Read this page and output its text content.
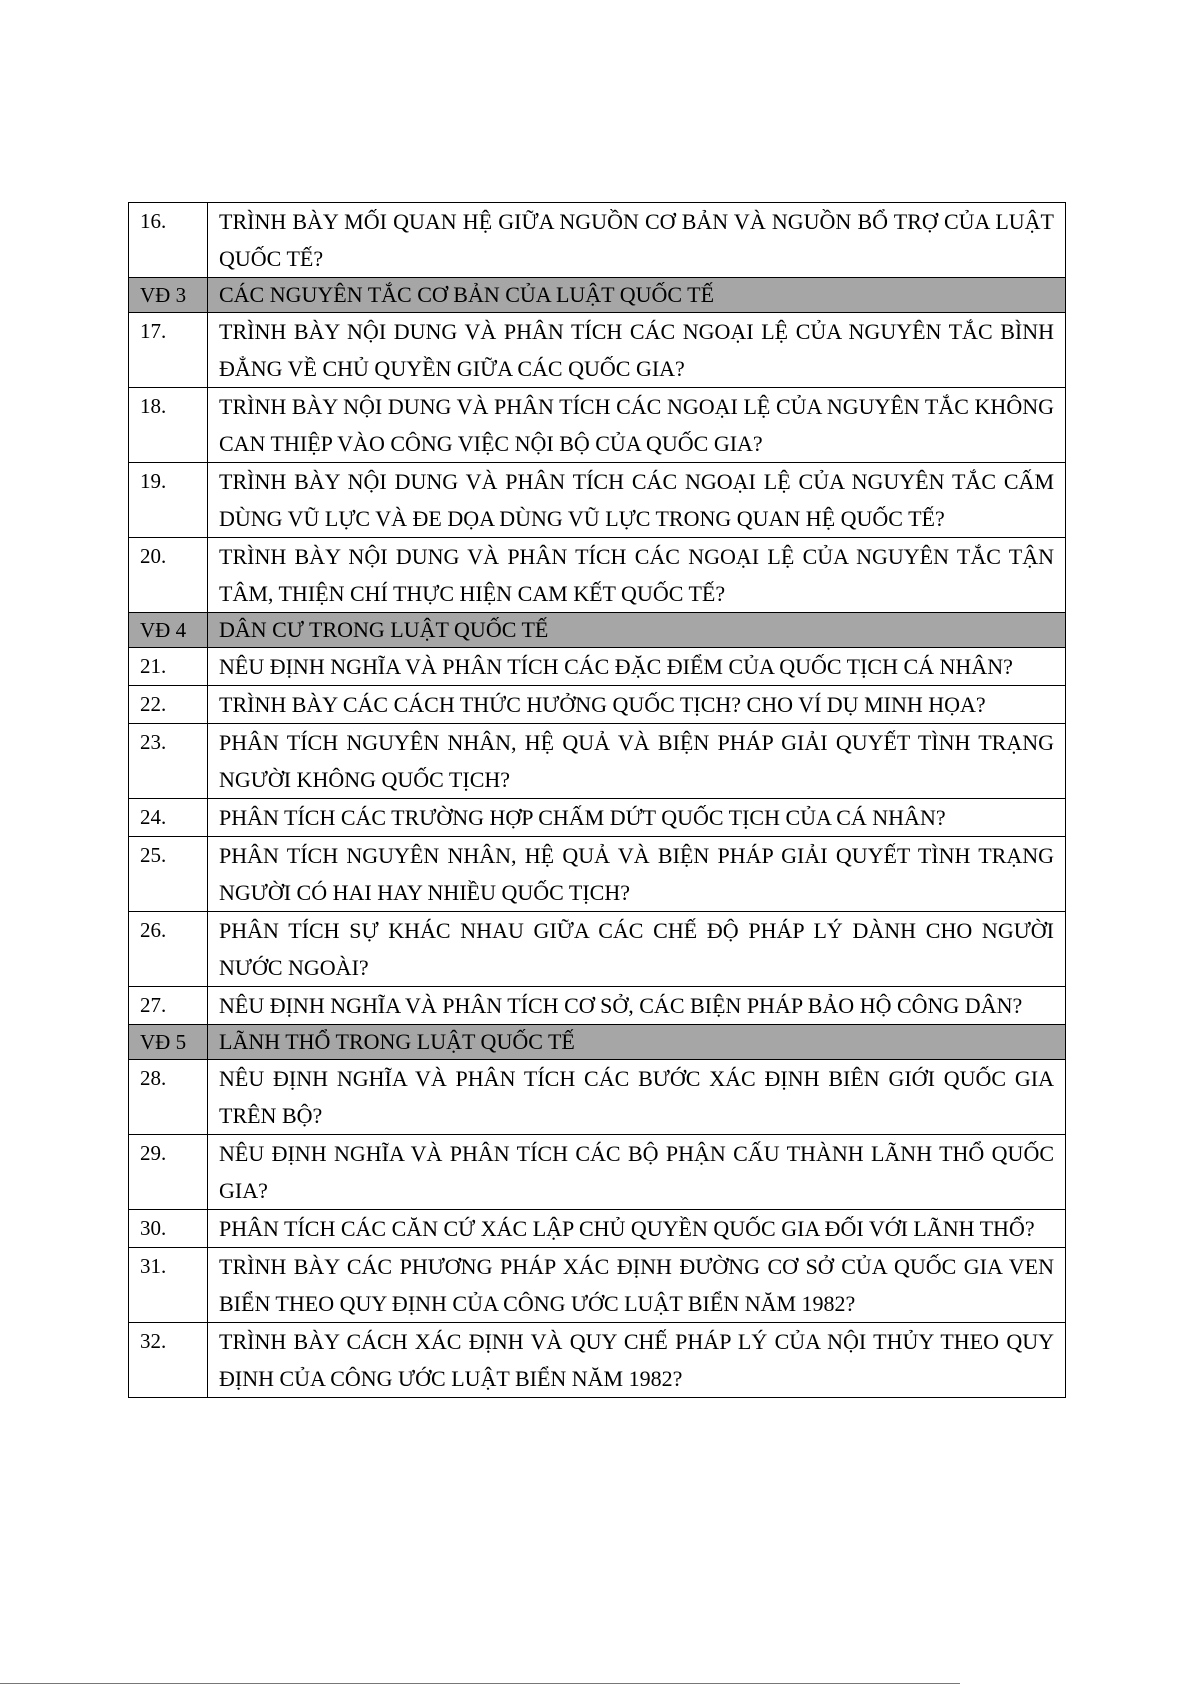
16.	TRÌNH BÀY MỐI QUAN HỆ GIỮA NGUỒN CƠ BẢN VÀ NGUỒN BỔ TRỢ CỦA LUẬT QUỐC TẾ?
VĐ 3	CÁC NGUYÊN TẮC CƠ BẢN CỦA LUẬT QUỐC TẾ
17.	TRÌNH BÀY NỘI DUNG VÀ PHÂN TÍCH CÁC NGOẠI LỆ CỦA NGUYÊN TẮC BÌNH ĐẲNG VỀ CHỦ QUYỀN GIỮA CÁC QUỐC GIA?
18.	TRÌNH BÀY NỘI DUNG VÀ PHÂN TÍCH CÁC NGOẠI LỆ CỦA NGUYÊN TẮC KHÔNG CAN THIỆP VÀO CÔNG VIỆC NỘI BỘ CỦA QUỐC GIA?
19.	TRÌNH BÀY NỘI DUNG VÀ PHÂN TÍCH CÁC NGOẠI LỆ CỦA NGUYÊN TẮC CẤM DÙNG VŨ LỰC VÀ ĐE DỌA DÙNG VŨ LỰC TRONG QUAN HỆ QUỐC TẾ?
20.	TRÌNH BÀY NỘI DUNG VÀ PHÂN TÍCH CÁC NGOẠI LỆ CỦA NGUYÊN TẮC TẬN TÂM, THIỆN CHÍ THỰC HIỆN CAM KẾT QUỐC TẾ?
VĐ 4	DÂN CƯ TRONG LUẬT QUỐC TẾ
21.	NÊU ĐỊNH NGHĨA VÀ PHÂN TÍCH CÁC ĐẶC ĐIỂM CỦA QUỐC TỊCH CÁ NHÂN?
22.	TRÌNH BÀY CÁC CÁCH THỨC HƯỞNG QUỐC TỊCH? CHO VÍ DỤ MINH HỌA?
23.	PHÂN TÍCH NGUYÊN NHÂN, HỆ QUẢ VÀ BIỆN PHÁP GIẢI QUYẾT TÌNH TRẠNG NGƯỜI KHÔNG QUỐC TỊCH?
24.	PHÂN TÍCH CÁC TRƯỜNG HỢP CHẤM DỨT QUỐC TỊCH CỦA CÁ NHÂN?
25.	PHÂN TÍCH NGUYÊN NHÂN, HỆ QUẢ VÀ BIỆN PHÁP GIẢI QUYẾT TÌNH TRẠNG NGƯỜI CÓ HAI HAY NHIỀU QUỐC TỊCH?
26.	PHÂN TÍCH SỰ KHÁC NHAU GIỮA CÁC CHẾ ĐỘ PHÁP LÝ DÀNH CHO NGƯỜI NƯỚC NGOÀI?
27.	NÊU ĐỊNH NGHĨA VÀ PHÂN TÍCH CƠ SỞ, CÁC BIỆN PHÁP BẢO HỘ CÔNG DÂN?
VĐ 5	LÃNH THỔ TRONG LUẬT QUỐC TẾ
28.	NÊU ĐỊNH NGHĨA VÀ PHÂN TÍCH CÁC BƯỚC XÁC ĐỊNH BIÊN GIỚI QUỐC GIA TRÊN BỘ?
29.	NÊU ĐỊNH NGHĨA VÀ PHÂN TÍCH CÁC BỘ PHẬN CẤU THÀNH LÃNH THỔ QUỐC GIA?
30.	PHÂN TÍCH CÁC CĂN CỨ XÁC LẬP CHỦ QUYỀN QUỐC GIA ĐỐI VỚI LÃNH THỔ?
31.	TRÌNH BÀY CÁC PHƯƠNG PHÁP XÁC ĐỊNH ĐƯỜNG CƠ SỞ CỦA QUỐC GIA VEN BIỂN THEO QUY ĐỊNH CỦA CÔNG ƯỚC LUẬT BIỂN NĂM 1982?
32.	TRÌNH BÀY CÁCH XÁC ĐỊNH VÀ QUY CHẾ PHÁP LÝ CỦA NỘI THỦY THEO QUY ĐỊNH CỦA CÔNG ƯỚC LUẬT BIỂN NĂM 1982?
